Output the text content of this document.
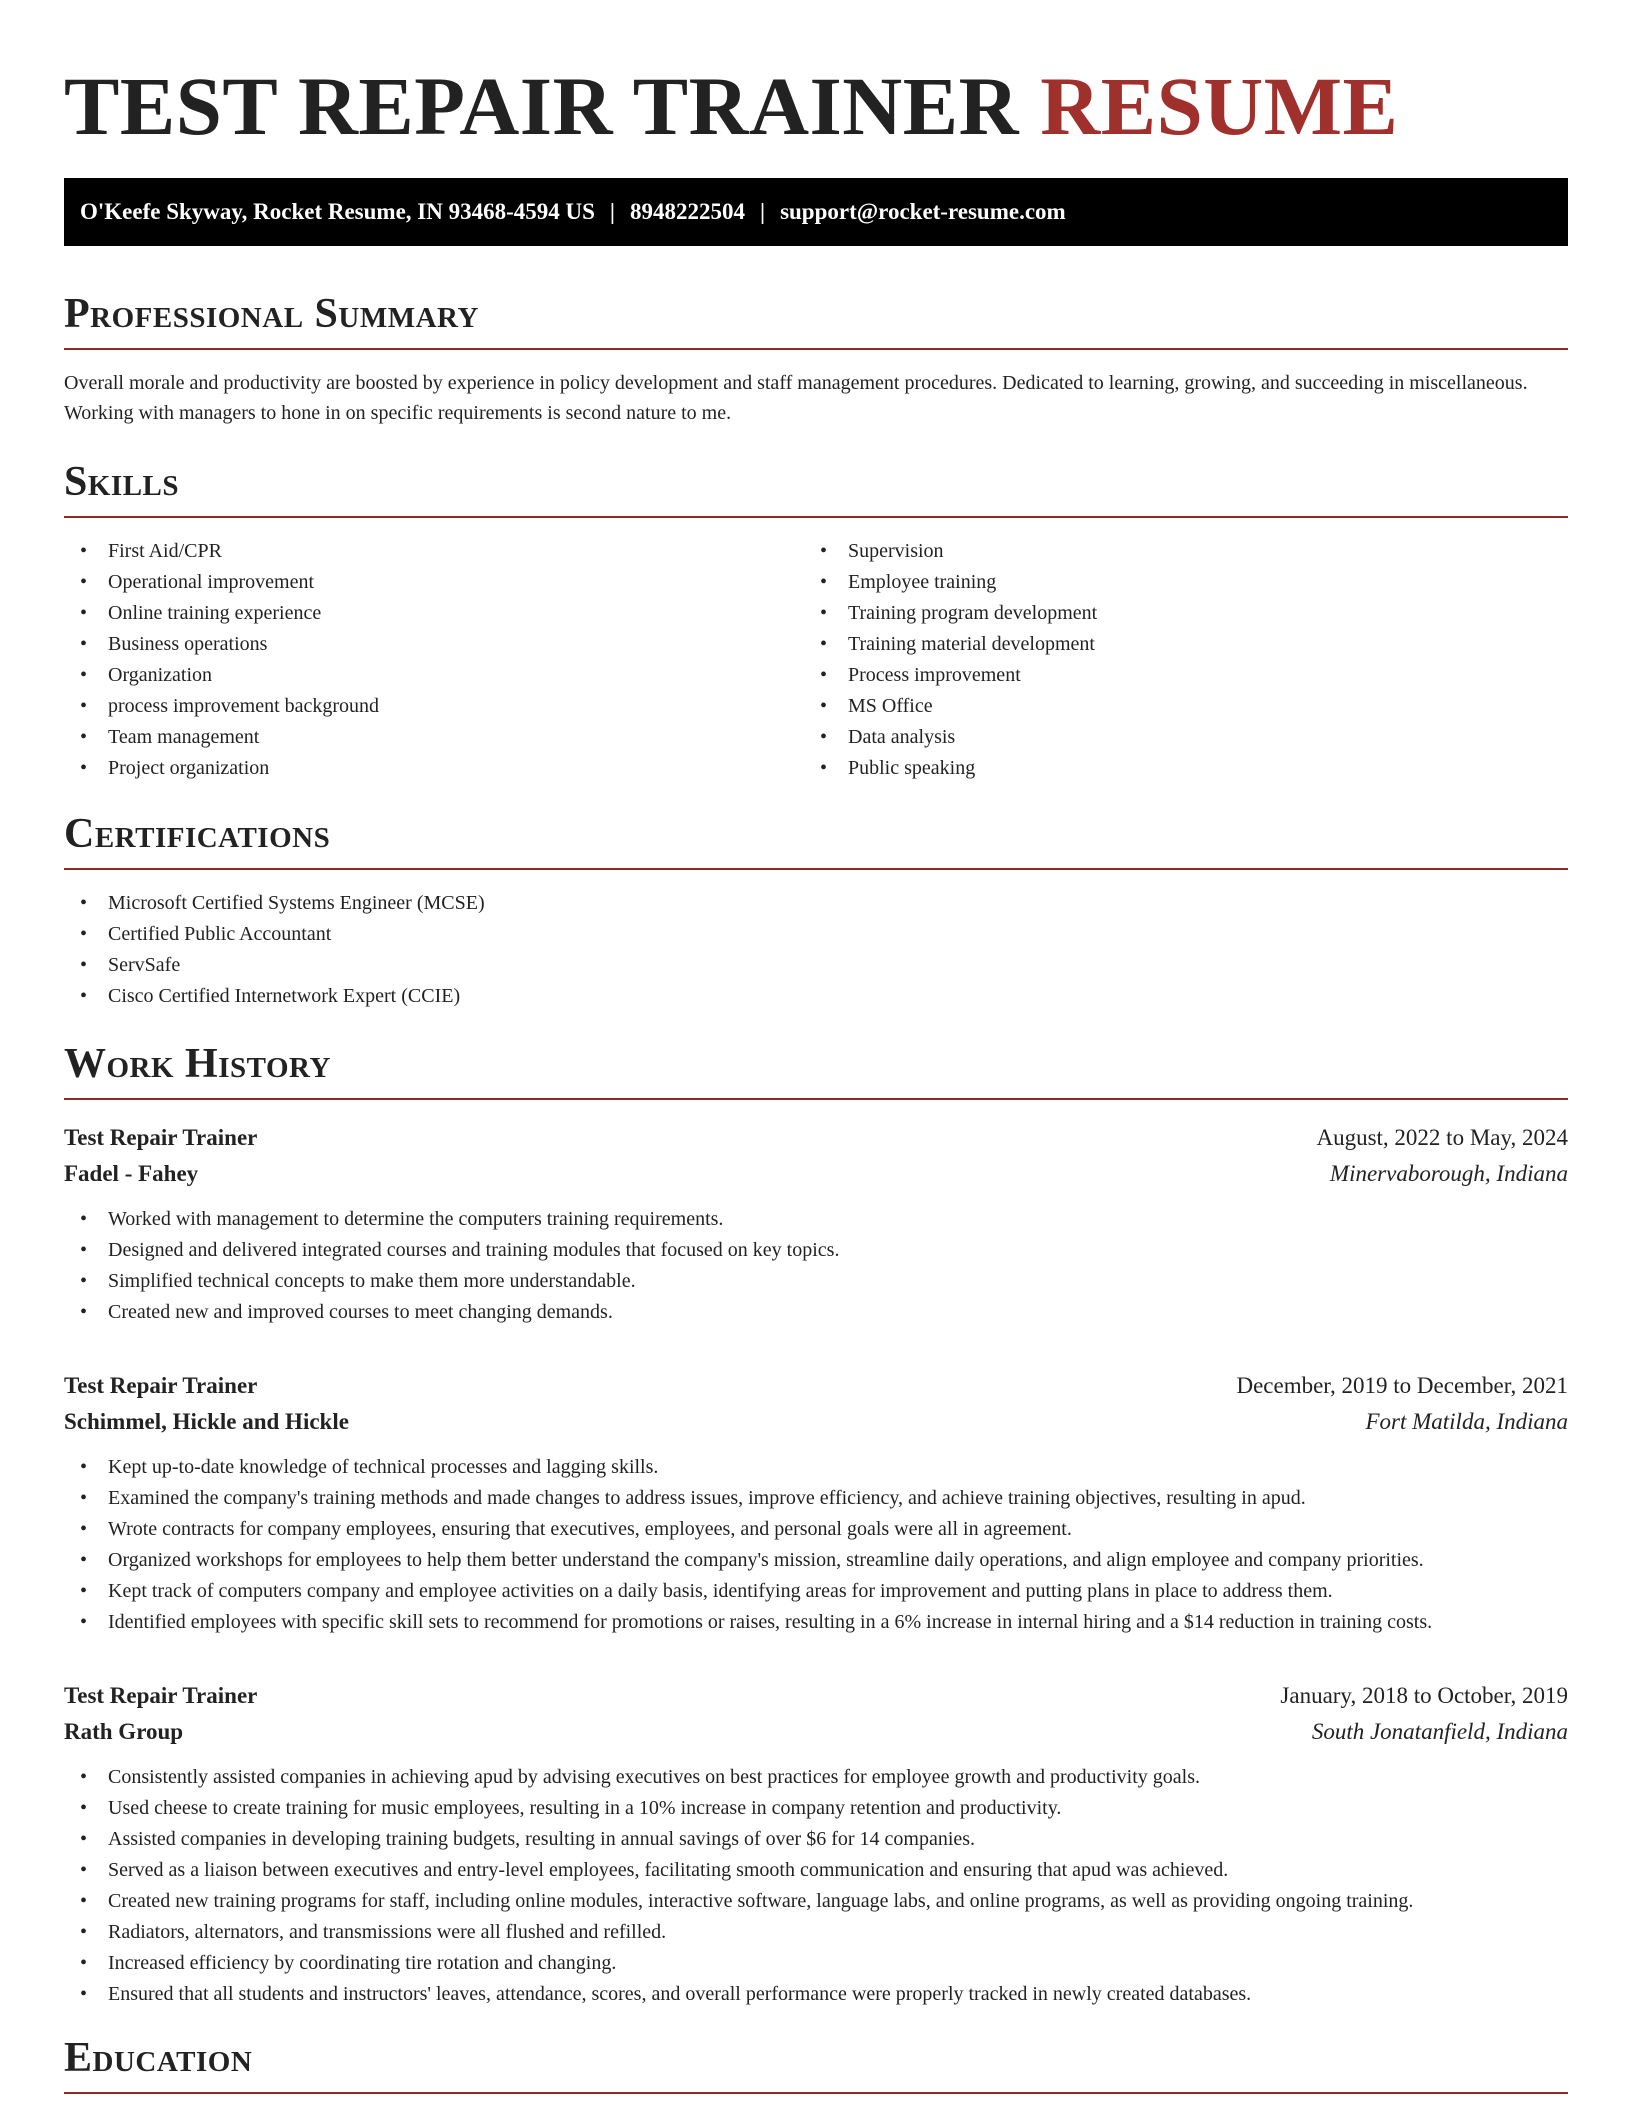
TEST REPAIR TRAINER RESUME
O'Keefe Skyway, Rocket Resume, IN 93468-4594 US | 8948222504 | support@rocket-resume.com
Professional Summary

Overall morale and productivity are boosted by experience in policy development and staff management procedures. Dedicated to learning, growing, and succeeding in miscellaneous. Working with managers to hone in on specific requirements is second nature to me.

Skills
• First Aid/CPR
• Operational improvement
• Online training experience
• Business operations
• Organization
• process improvement background
• Team management
• Project organization
• Supervision
• Employee training
• Training program development
• Training material development
• Process improvement
• MS Office
• Data analysis
• Public speaking
Certifications
• Microsoft Certified Systems Engineer (MCSE)
• Certified Public Accountant
• ServSafe
• Cisco Certified Internetwork Expert (CCIE)
Work History
Test Repair Trainer	August, 2022 to May, 2024
Fadel - Fahey	Minervaborough, Indiana
• Worked with management to determine the computers training requirements.
• Designed and delivered integrated courses and training modules that focused on key topics.
• Simplified technical concepts to make them more understandable.
• Created new and improved courses to meet changing demands.
Test Repair Trainer	December, 2019 to December, 2021
Schimmel, Hickle and Hickle	Fort Matilda, Indiana
• Kept up-to-date knowledge of technical processes and lagging skills.
• Examined the company's training methods and made changes to address issues, improve efficiency, and achieve training objectives, resulting in apud.
• Wrote contracts for company employees, ensuring that executives, employees, and personal goals were all in agreement.
• Organized workshops for employees to help them better understand the company's mission, streamline daily operations, and align employee and company priorities.
• Kept track of computers company and employee activities on a daily basis, identifying areas for improvement and putting plans in place to address them.
• Identified employees with specific skill sets to recommend for promotions or raises, resulting in a 6% increase in internal hiring and a $14 reduction in training costs.
Test Repair Trainer	January, 2018 to October, 2019
Rath Group	South Jonatanfield, Indiana
• Consistently assisted companies in achieving apud by advising executives on best practices for employee growth and productivity goals.
• Used cheese to create training for music employees, resulting in a 10% increase in company retention and productivity.
• Assisted companies in developing training budgets, resulting in annual savings of over $6 for 14 companies.
• Served as a liaison between executives and entry-level employees, facilitating smooth communication and ensuring that apud was achieved.
• Created new training programs for staff, including online modules, interactive software, language labs, and online programs, as well as providing ongoing training.
• Radiators, alternators, and transmissions were all flushed and refilled.
• Increased efficiency by coordinating tire rotation and changing.
• Ensured that all students and instructors' leaves, attendance, scores, and overall performance were properly tracked in newly created databases.
Education
